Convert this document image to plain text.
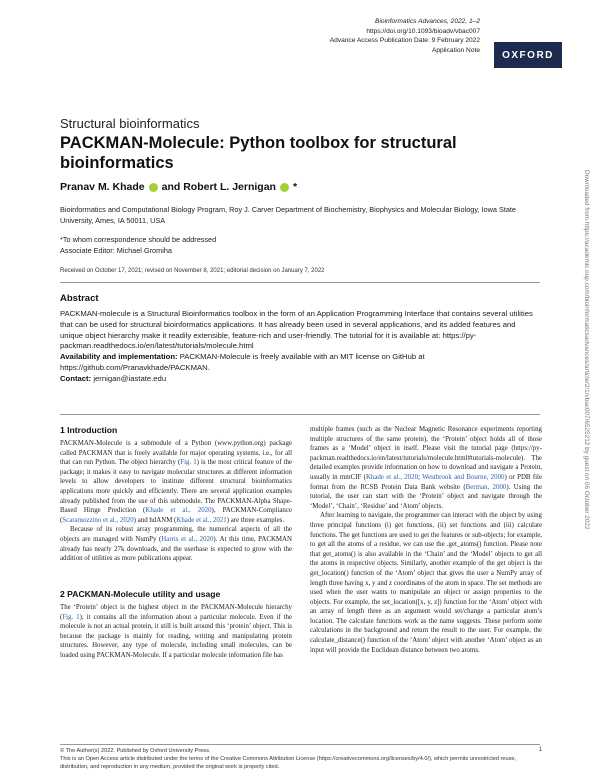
Bioinformatics Advances, 2022, 1–2
https://doi.org/10.1093/bioadv/vbac007
Advance Access Publication Date: 9 February 2022
Application Note	OXFORD
Downloaded from https://academic.oup.com/bioinformaticsadvances/article/2/1/vbac007/6525212 by guest on 06 October 2022
Structural bioinformatics
PACKMAN-Molecule: Python toolbox for structural bioinformatics
Pranav M. Khade and Robert L. Jernigan *
Bioinformatics and Computational Biology Program, Roy J. Carver Department of Biochemistry, Biophysics and Molecular Biology, Iowa State University, Ames, IA 50011, USA
*To whom correspondence should be addressed
Associate Editor: Michael Gromiha
Received on October 17, 2021; revised on November 8, 2021; editorial decision on January 7, 2022
Abstract
PACKMAN-molecule is a Structural Bioinformatics toolbox in the form of an Application Programming Interface that contains several utilities that can be used for structural bioinformatics applications. It has already been used in several applications, and its added features and unique object hierarchy make it readily extensible, feature-rich and user-friendly. The tutorial for it is available at: https://py-packman.readthedocs.io/en/latest/tutorials/molecule.html
Availability and implementation: PACKMAN-Molecule is freely available with an MIT license on GitHub at https://github.com/Pranavkhade/PACKMAN.
Contact: jernigan@iastate.edu
1 Introduction

PACKMAN-Molecule is a submodule of a Python (www.python.org) package called PACKMAN that is freely available for major operating systems, i.e., for all that can run Python. The object hierarchy (Fig. 1) is the most critical feature of the package; it makes it easy to navigate molecular structures at different information levels to allow developers to institute different structural bioinformatics applications more quickly and efficiently. There are several application examples already published from the use of this submodule. The PACKMAN-Alpha Shape-Based Hinge Prediction (Khade et al., 2020), PACKMAN-Compliance (Scaramozzino et al., 2020) and hdANM (Khade et al., 2021) are three examples.

Because of its robust array programming, the numerical aspects of all the objects are managed with NumPy (Harris et al., 2020). At this time, PACKMAN already has nearly 27k downloads, and the userbase is expected to grow with the addition of utilities as more publications appear.

2 PACKMAN-Molecule utility and usage

The ‘Protein’ object is the highest object in the PACKMAN-Molecule hierarchy (Fig. 1); it contains all the information about a particular molecule. Even if the molecule is not an actual protein, it still is built around this ‘protein’ object. This is because the package is mainly for reading, writing and manipulating protein structures. However, any type of molecule, including small molecules, can be loaded using PACKMAN-Molecule. If a particular molecule information file has

multiple frames (such as the Nuclear Magnetic Resonance experiments reporting multiple structures of the same protein), the ‘Protein’ object holds all of those frames as a ‘Model’ object in itself. Please visit the tutorial page (https://py-packman.readthedocs.io/en/latest/tutorials/molecule.html#tutorials-molecule). The detailed examples provide information on how to download and navigate a Protein, usually in mmCIF (Khade et al., 2020; Westbrook and Bourne, 2000) or PDB file format from the RCSB Protein Data Bank website (Berman, 2000). Using the tutorial, the user can start with the ‘Protein’ object and navigate through the ‘Model’, ‘Chain’, ‘Residue’ and ‘Atom’ objects.

After learning to navigate, the programmer can interact with the object by using three principal functions (i) get functions, (ii) set functions and (iii) calculate functions. The get functions are used to get the features or sub-objects; for example, to get all the atoms of a residue, we can use the .get_atoms() function. Please note that get_atoms() is also available in the ‘Chain’ and the ‘Model’ objects to get all the atoms in respective objects. Similarly, another example of the get object is the get_location() function of the ‘Atom’ object that gives the user a NumPy array of length three having x, y and z coordinates of the atom in space. The set methods are used when the user wants to manipulate an object or assign properties to the objects. For example, the set_location([x, y, z]) function for the ‘Atom’ object with an array of length three as an argument would set/change a particular atom’s location. The calculate functions work as the name suggests. These perform some calculations in the background and return the result to the user. For example, the calculate_distance() function of the ‘Atom’ object with another ‘Atom’ object as an input will provide the Euclidean distance between two atoms.

© The Author(s) 2022. Published by Oxford University Press.
This is an Open Access article distributed under the terms of the Creative Commons Attribution License (https://creativecommons.org/licenses/by/4.0/), which permits unrestricted reuse, distribution, and reproduction in any medium, provided the original work is properly cited.
1
